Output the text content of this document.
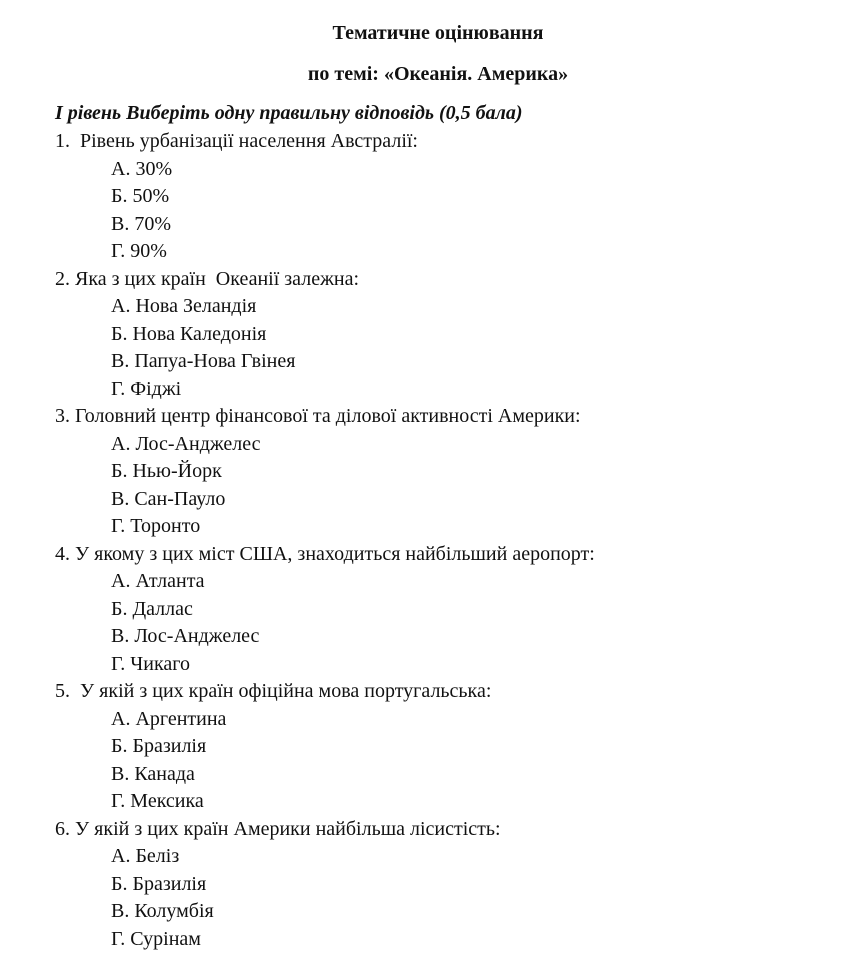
Тематичне оцінювання
по темі: «Океанія. Америка»
І рівень Виберіть одну правильну відповідь (0,5 бала)
1.  Рівень урбанізації населення Австралії:
А. 30%
Б. 50%
В. 70%
Г. 90%
2. Яка з цих країн  Океанії залежна:
А. Нова Зеландія
Б. Нова Каледонія
В. Папуа-Нова Гвінея
Г. Фіджі
3. Головний центр фінансової та ділової активності Америки:
А. Лос-Анджелес
Б. Нью-Йорк
В. Сан-Пауло
Г. Торонто
4. У якому з цих міст США, знаходиться найбільший аеропорт:
А. Атланта
Б. Даллас
В. Лос-Анджелес
Г. Чикаго
5.  У якій з цих країн офіційна мова португальська:
А. Аргентина
Б. Бразилія
В. Канада
Г. Мексика
6. У якій з цих країн Америки найбільша лісистість:
А. Беліз
Б. Бразилія
В. Колумбія
Г. Сурінам
